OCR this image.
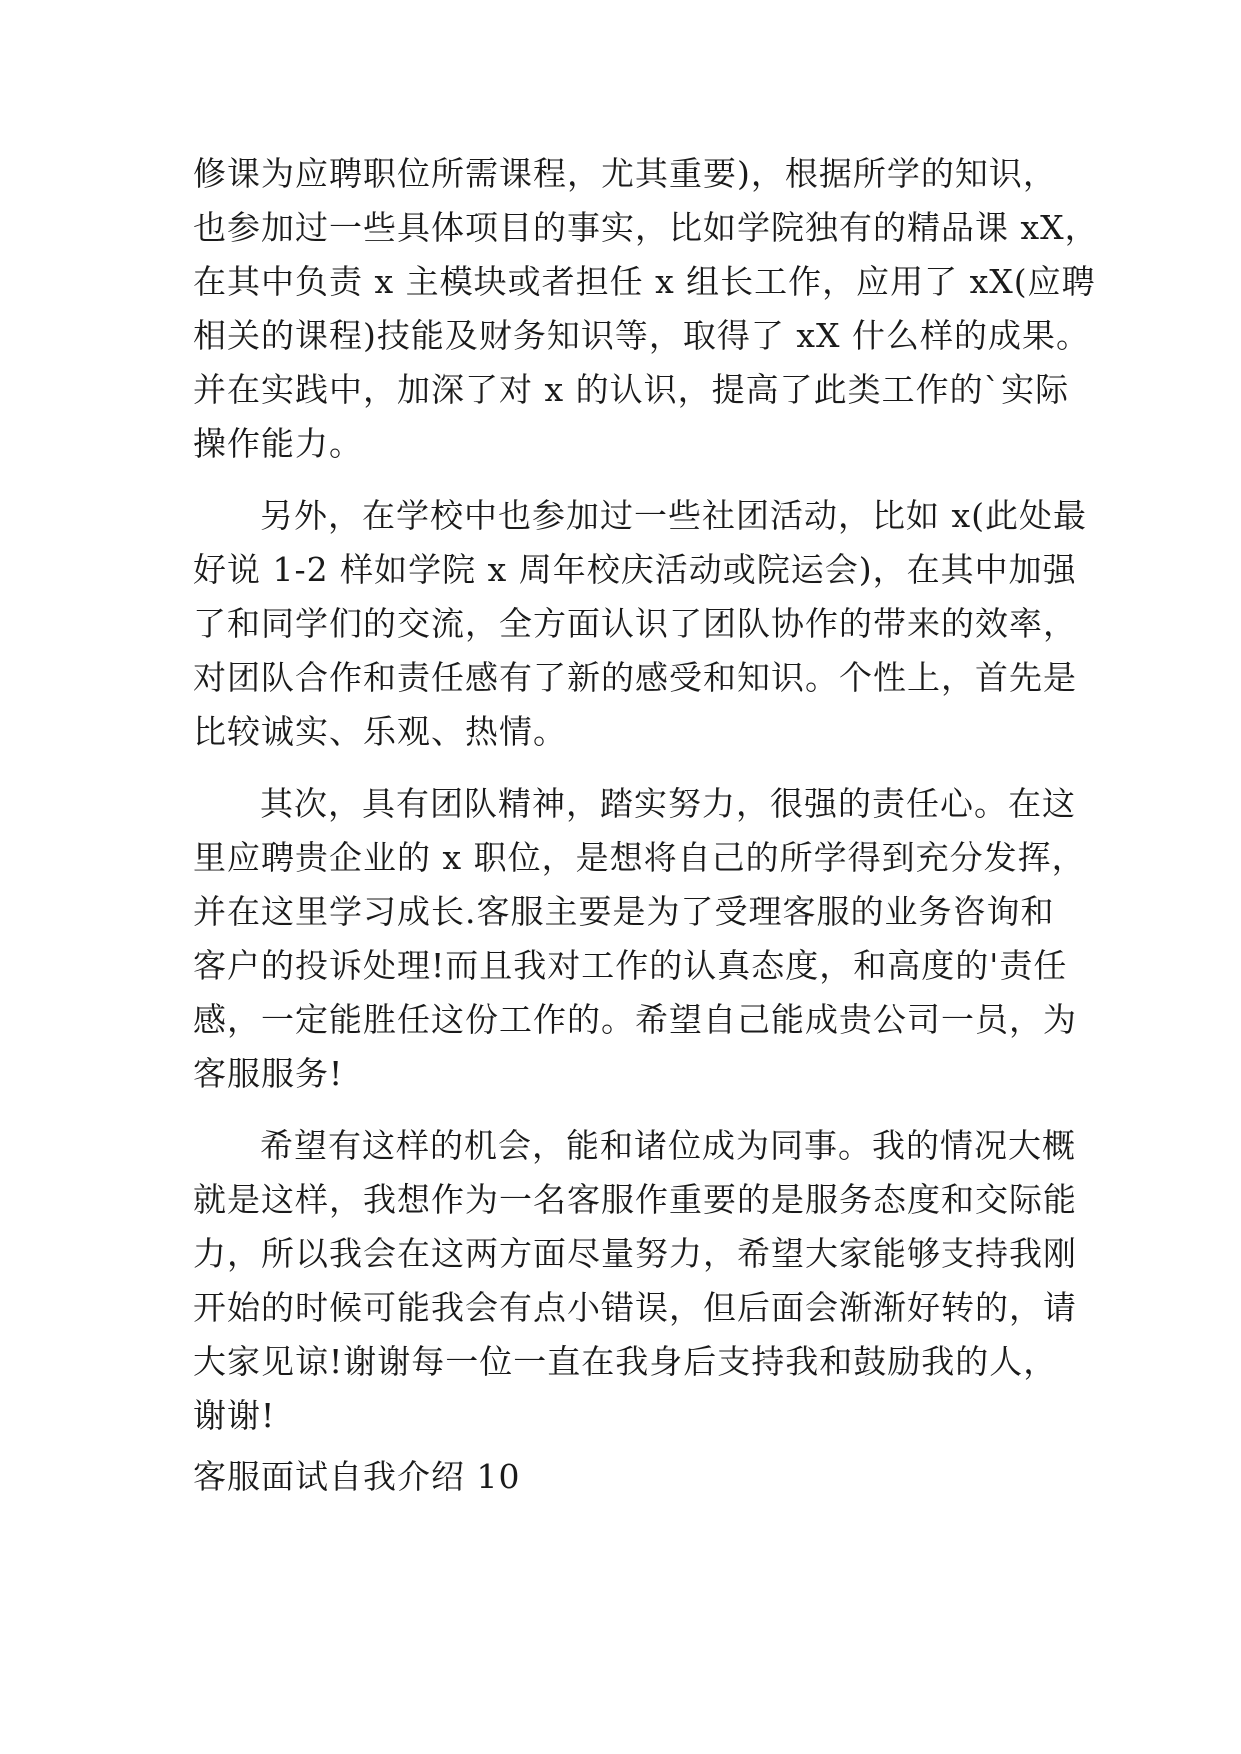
修课为应聘职位所需课程，尤其重要)，根据所学的知识，
也参加过一些具体项目的事实，比如学院独有的精品课 xX，
在其中负责 x 主模块或者担任 x 组长工作，应用了 xX(应聘
相关的课程)技能及财务知识等，取得了 xX 什么样的成果。
并在实践中，加深了对 x 的认识，提高了此类工作的`实际
操作能力。
另外，在学校中也参加过一些社团活动，比如 x(此处最
好说 1-2 样如学院 x 周年校庆活动或院运会)，在其中加强
了和同学们的交流，全方面认识了团队协作的带来的效率，
对团队合作和责任感有了新的感受和知识。个性上，首先是
比较诚实、乐观、热情。
其次，具有团队精神，踏实努力，很强的责任心。在这
里应聘贵企业的 x 职位，是想将自己的所学得到充分发挥，
并在这里学习成长.客服主要是为了受理客服的业务咨询和
客户的投诉处理!而且我对工作的认真态度，和高度的'责任
感，一定能胜任这份工作的。希望自己能成贵公司一员，为
客服服务!
希望有这样的机会，能和诸位成为同事。我的情况大概
就是这样，我想作为一名客服作重要的是服务态度和交际能
力，所以我会在这两方面尽量努力，希望大家能够支持我刚
开始的时候可能我会有点小错误，但后面会渐渐好转的，请
大家见谅!谢谢每一位一直在我身后支持我和鼓励我的人，
谢谢!
客服面试自我介绍 10
